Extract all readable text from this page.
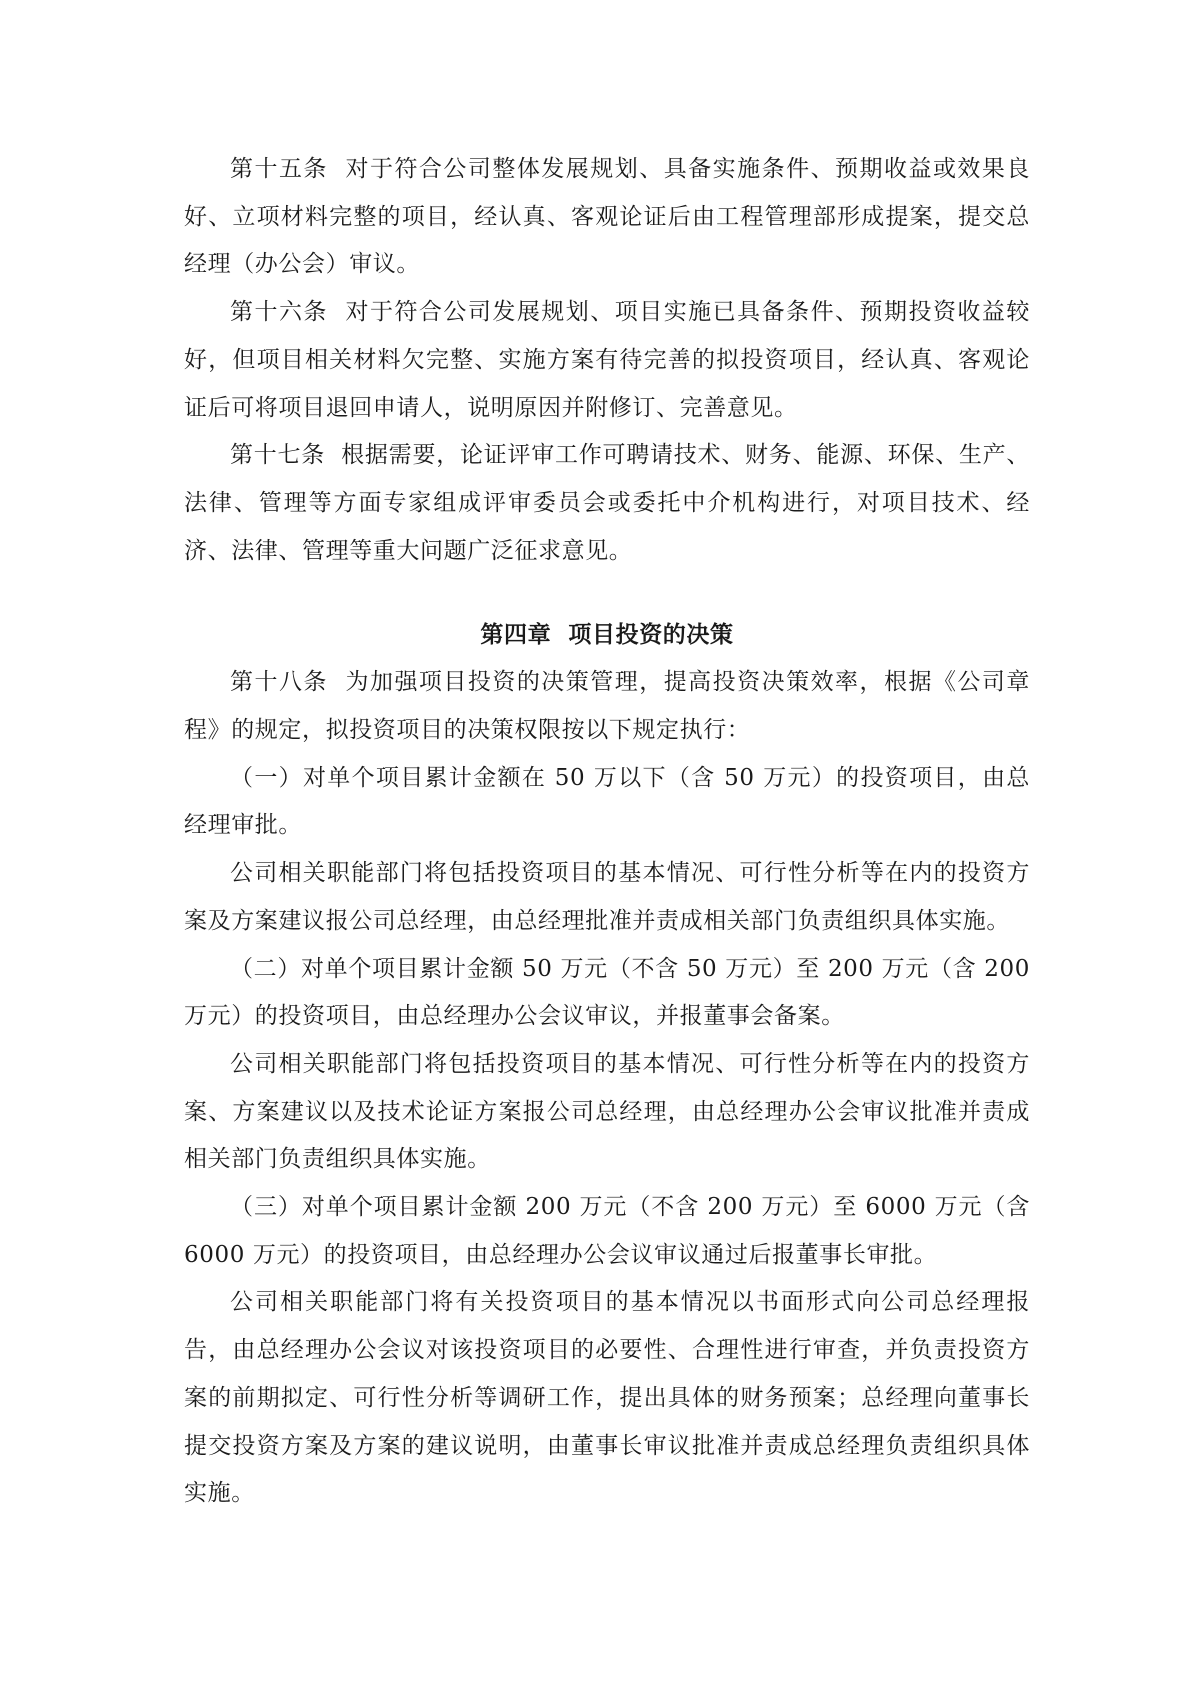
第十五条  对于符合公司整体发展规划、具备实施条件、预期收益或效果良好、立项材料完整的项目，经认真、客观论证后由工程管理部形成提案，提交总经理（办公会）审议。

第十六条  对于符合公司发展规划、项目实施已具备条件、预期投资收益较好，但项目相关材料欠完整、实施方案有待完善的拟投资项目，经认真、客观论证后可将项目退回申请人，说明原因并附修订、完善意见。

第十七条  根据需要，论证评审工作可聘请技术、财务、能源、环保、生产、法律、管理等方面专家组成评审委员会或委托中介机构进行，对项目技术、经济、法律、管理等重大问题广泛征求意见。

第四章  项目投资的决策

第十八条  为加强项目投资的决策管理，提高投资决策效率，根据《公司章程》的规定，拟投资项目的决策权限按以下规定执行：

（一）对单个项目累计金额在 50 万以下（含 50 万元）的投资项目，由总经理审批。

公司相关职能部门将包括投资项目的基本情况、可行性分析等在内的投资方案及方案建议报公司总经理，由总经理批准并责成相关部门负责组织具体实施。

（二）对单个项目累计金额 50 万元（不含 50 万元）至 200 万元（含 200 万元）的投资项目，由总经理办公会议审议，并报董事会备案。

公司相关职能部门将包括投资项目的基本情况、可行性分析等在内的投资方案、方案建议以及技术论证方案报公司总经理，由总经理办公会审议批准并责成相关部门负责组织具体实施。

（三）对单个项目累计金额 200 万元（不含 200 万元）至 6000 万元（含 6000 万元）的投资项目，由总经理办公会议审议通过后报董事长审批。

公司相关职能部门将有关投资项目的基本情况以书面形式向公司总经理报告，由总经理办公会议对该投资项目的必要性、合理性进行审查，并负责投资方案的前期拟定、可行性分析等调研工作，提出具体的财务预案；总经理向董事长提交投资方案及方案的建议说明，由董事长审议批准并责成总经理负责组织具体实施。
